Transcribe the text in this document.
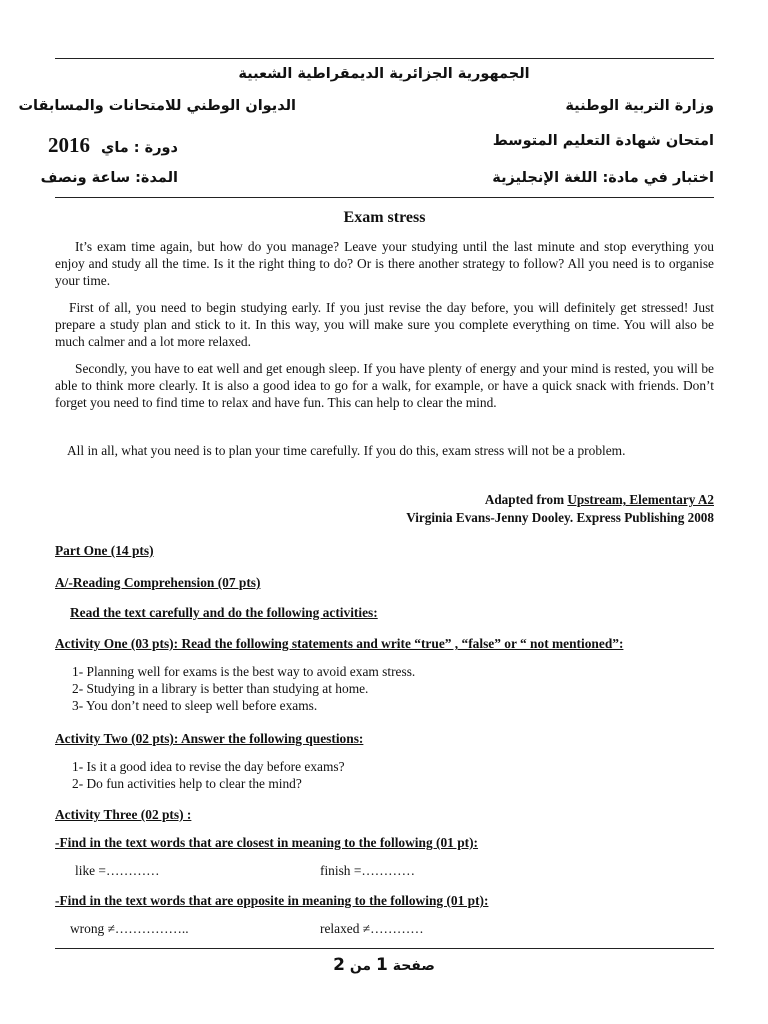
الجمهورية الجزائرية الديمقراطية الشعبية
وزارة التربية الوطنية
الديوان الوطني للامتحانات والمسابقات
امتحان شهادة التعليم المتوسط
دورة : ماي 2016
اختبار في مادة: اللغة الإنجليزية
المدة: ساعة ونصف
Exam stress

It’s exam time again, but how do you manage? Leave your studying until the last minute and stop everything you enjoy and study all the time. Is it the right thing to do? Or is there another strategy to follow? All you need is to organise your time.

First of all, you need to begin studying early. If you just revise the day before, you will definitely get stressed! Just prepare a study plan and stick to it. In this way, you will make sure you complete everything on time. You will also be much calmer and a lot more relaxed.

Secondly, you have to eat well and get enough sleep. If you have plenty of energy and your mind is rested, you will be able to think more clearly. It is also a good idea to go for a walk, for example, or have a quick snack with friends. Don’t forget you need to find time to relax and have fun. This can help to clear the mind.

All in all, what you need is to plan your time carefully. If you do this, exam stress will not be a problem.

Adapted from Upstream, Elementary A2
Virginia Evans-Jenny Dooley. Express Publishing 2008
Part One (14 pts)
A/-Reading Comprehension (07 pts)
Read the text carefully and do the following activities:
Activity One (03 pts): Read the following statements and write “true” , “false” or “ not mentioned”:
1- Planning well for exams is the best way to avoid exam stress.
2- Studying in a library is better than studying at home.
3- You don’t need to sleep well before exams.
Activity Two (02 pts): Answer the following questions:
1- Is it a good idea to revise the day before exams?
2- Do fun activities help to clear the mind?
Activity Three (02 pts) :
-Find in the text words that are closest in meaning to the following (01 pt):
like =…………	finish =…………
-Find in the text words that are opposite in meaning to the following (01 pt):
wrong ≠……………..	relaxed ≠…………
صفحة 1 من 2
